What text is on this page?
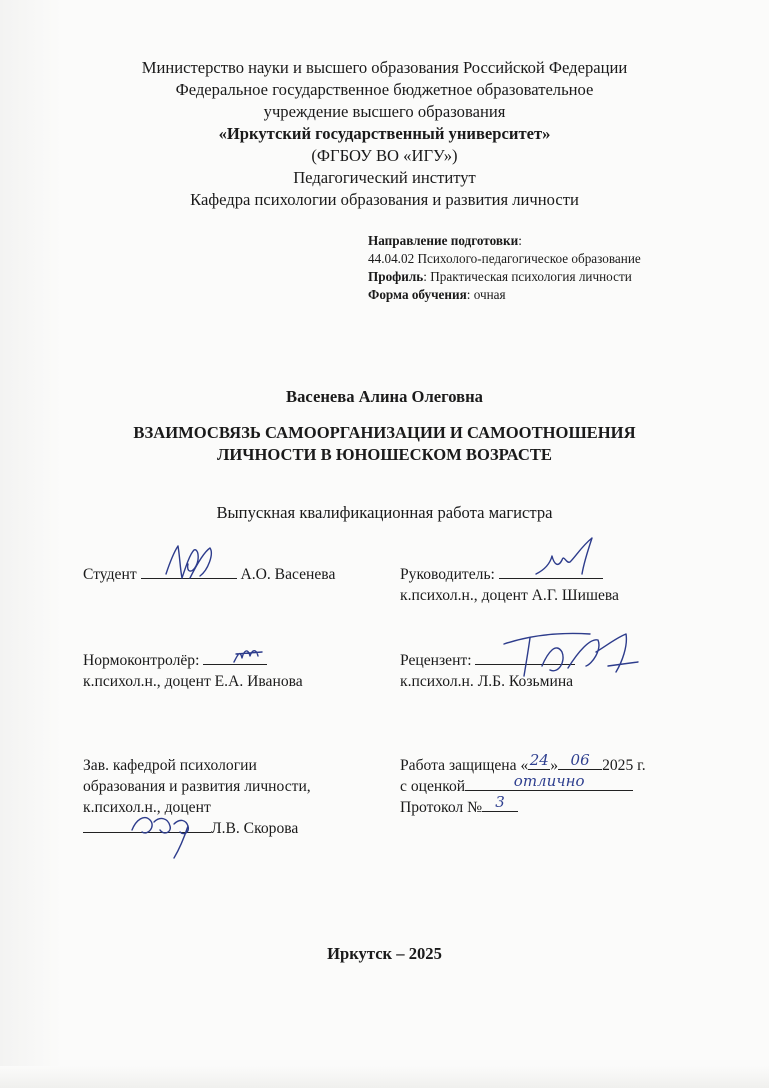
Министерство науки и высшего образования Российской Федерации
Федеральное государственное бюджетное образовательное
учреждение высшего образования
«Иркутский государственный университет»
(ФГБОУ ВО «ИГУ»)
Педагогический институт
Кафедра психологии образования и развития личности
Направление подготовки:
44.04.02 Психолого-педагогическое образование
Профиль: Практическая психология личности
Форма обучения: очная
Васенева Алина Олеговна
ВЗАИМОСВЯЗЬ САМООРГАНИЗАЦИИ И САМООТНОШЕНИЯ
ЛИЧНОСТИ В ЮНОШЕСКОМ ВОЗРАСТЕ
Выпускная квалификационная работа магистра
Студент	А.О. Васенева	Руководитель:
к.психол.н., доцент А.Г. Шишева
Нормоконтролёр:
к.психол.н., доцент Е.А. Иванова
Рецензент:
к.психол.н. Л.Б. Козьмина
Зав. кафедрой психологии
образования и развития личности,
к.психол.н., доцент
Л.В. Скорова
Работа защищена « 24 » 06 2025 г.
с оценкой	отлично
Протокол № 3
Иркутск – 2025
